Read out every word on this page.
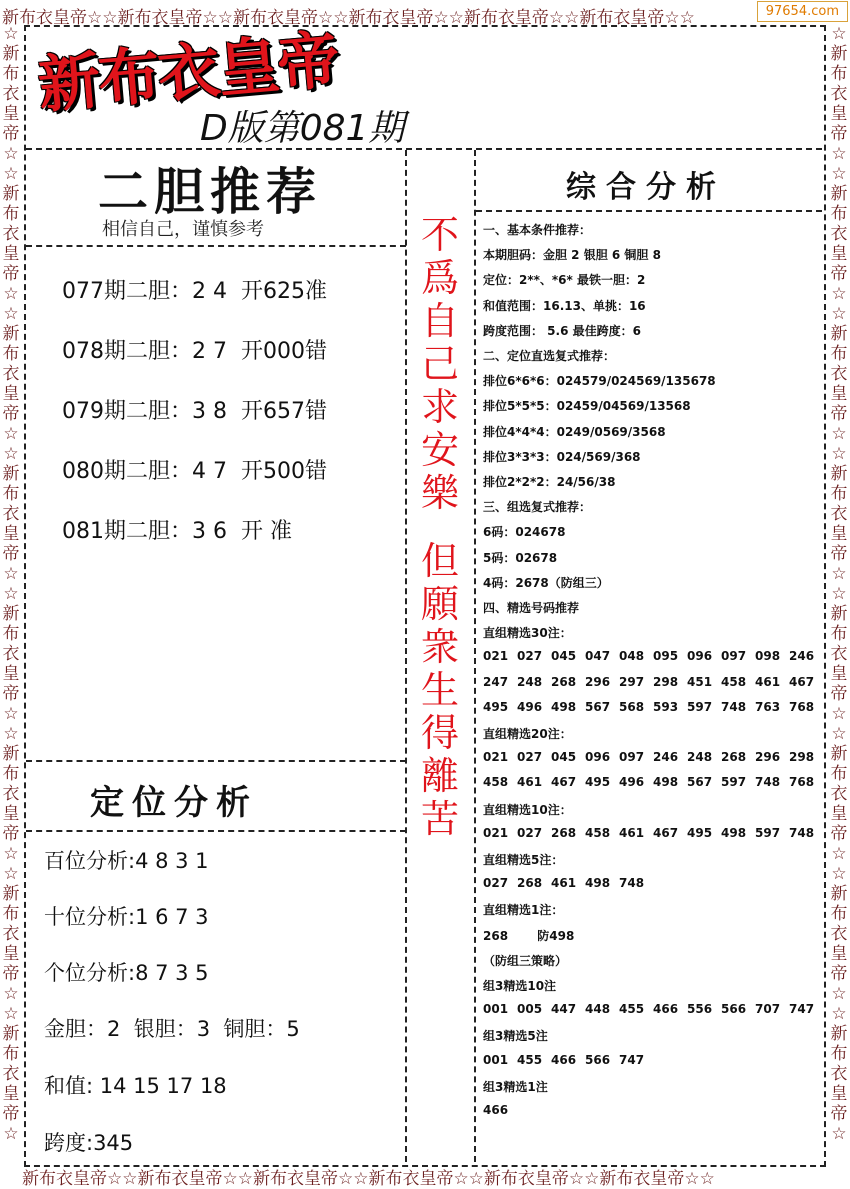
新布衣皇帝☆☆新布衣皇帝☆☆新布衣皇帝☆☆新布衣皇帝☆☆新布衣皇帝☆☆新布衣皇帝☆☆
新布衣皇帝☆☆新布衣皇帝☆☆新布衣皇帝☆☆新布衣皇帝☆☆新布衣皇帝☆☆新布衣皇帝☆☆
☆
新
布
衣
皇
帝
☆
☆
新
布
衣
皇
帝
☆
☆
新
布
衣
皇
帝
☆
☆
新
布
衣
皇
帝
☆
☆
新
布
衣
皇
帝
☆
☆
新
布
衣
皇
帝
☆
☆
新
布
衣
皇
帝
☆
☆
新
布
衣
皇
帝
☆
☆
新
布
衣
皇
帝
☆
☆
新
布
衣
皇
帝
☆
☆
新
布
衣
皇
帝
☆
☆
新
布
衣
皇
帝
☆
☆
新
布
衣
皇
帝
☆
☆
新
布
衣
皇
帝
☆
☆
新
布
衣
皇
帝
☆
☆
新
布
衣
皇
帝
☆
97654.com
新布衣皇帝
D版第081期
二胆推荐
相信自己，谨慎参考
077期二胆：2 4  开625准
078期二胆：2 7  开000错
079期二胆：3 8  开657错
080期二胆：4 7  开500错
081期二胆：3 6  开 准
不
爲
自
己
求
安
樂
但
願
衆
生
得
離
苦
定位分析
百位分析:4 8 3 1
十位分析:1 6 7 3
个位分析:8 7 3 5
金胆：2  银胆：3  铜胆：5
和值: 14 15 17 18
跨度:345
综合分析
一、基本条件推荐：
本期胆码：金胆 2 银胆 6 铜胆 8
定位：2**、*6* 最铁一胆：2
和值范围：16.13、单挑：16
跨度范围： 5.6 最佳跨度：6
二、定位直选复式推荐：
排位6*6*6：024579/024569/135678
排位5*5*5：02459/04569/13568
排位4*4*4：0249/0569/3568
排位3*3*3：024/569/368
排位2*2*2：24/56/38
三、组选复式推荐：
6码：024678
5码：02678
4码：2678（防组三）
四、精选号码推荐
直组精选30注：
021 027 045 047 048 095 096 097 098 246
247 248 268 296 297 298 451 458 461 467
495 496 498 567 568 593 597 748 763 768
直组精选20注：
021 027 045 096 097 246 248 268 296 298
458 461 467 495 496 498 567 597 748 768
直组精选10注：
021 027 268 458 461 467 495 498 597 748
直组精选5注：
027 268 461 498 748
直组精选1注：
268       防498
（防组三策略）
组3精选10注
001 005 447 448 455 466 556 566 707 747
组3精选5注
001 455 466 566 747
组3精选1注
466
